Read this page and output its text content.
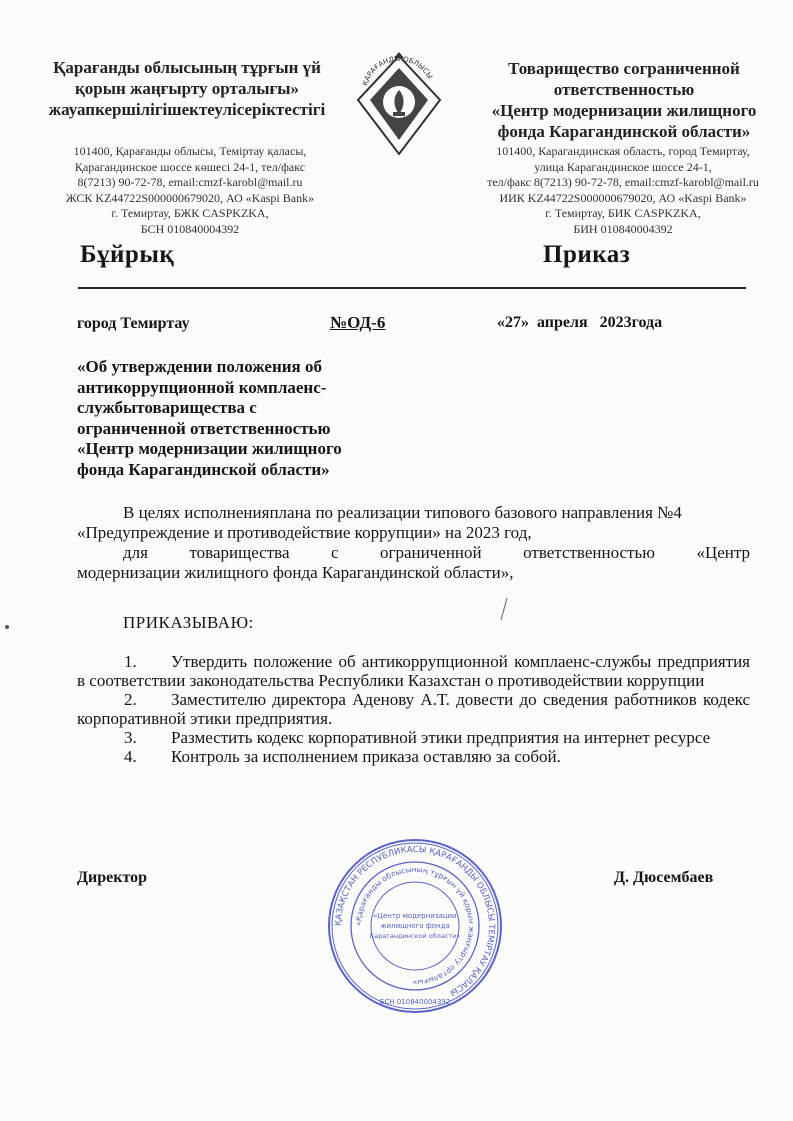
Қарағанды облысының тұрғын үй
қорын жаңғырту орталығы»
жауапкершілігішектеулісеріктестігі
101400, Қарағанды облысы, Теміртау қаласы,
Қарагандинское шоссе көшесі 24-1, тел/факс
8(7213) 90-72-78, email:cmzf-karobl@mail.ru
ЖСК KZ44722S000000679020, АО «Kaspi Bank»
г. Темиртау, БЖК CASPKZKA,
БСН 010840004392
ҚАРАҒАНДЫ ОБЛЫСЫ	Товарищество сограниченной
ответственностью
«Центр модернизации жилищного
фонда Карагандинской области»
101400, Карагандинская область, город Темиртау,
улица Карагандинское шоссе 24-1,
тел/факс 8(7213) 90-72-78, email:cmzf-karobl@mail.ru
ИИК KZ44722S000000679020, АО «Kaspi Bank»
г. Темиртау, БИК CASPKZKA,
БИН 010840004392
Бұйрық	Приказ
город Темиртау	№ОД-6	«27»  апреля   2023года
«Об утверждении положения об
антикоррупционной комплаенс-
службытоварищества с
ограниченной ответственностью
«Центр модернизации жилищного
фонда Карагандинской области»
В целях исполненияплана по реализации типового базового направления №4
«Предупреждение и противодействие коррупции» на 2023 год,
для товарищества с ограниченной ответственностью «Центр
модернизации жилищного фонда Карагандинской области»,
ПРИКАЗЫВАЮ:

1. Утвердить положение об антикоррупционной комплаенс-службы предприятия в соответствии законодательства Республики Казахстан о противодействии коррупции

2. Заместителю директора Аденову А.Т. довести до сведения работников кодекс корпоративной этики предприятия.

3. Разместить кодекс корпоративной этики предприятия на интернет ресурсе

4. Контроль за исполнением приказа оставляю за собой.

Директор	Д. Дюсембаев
ҚАЗАҚСТАН РЕСПУБЛИКАСЫ ҚАРАҒАНДЫ ОБЛЫСЫ ТЕМІРТАУ ҚАЛАСЫ
«Қарағанды облысының тұрғын үй қорын жаңғырту орталығы»
«Центр модернизации
жилищного фонда
Карагандинской области»
БСН 010840004392
